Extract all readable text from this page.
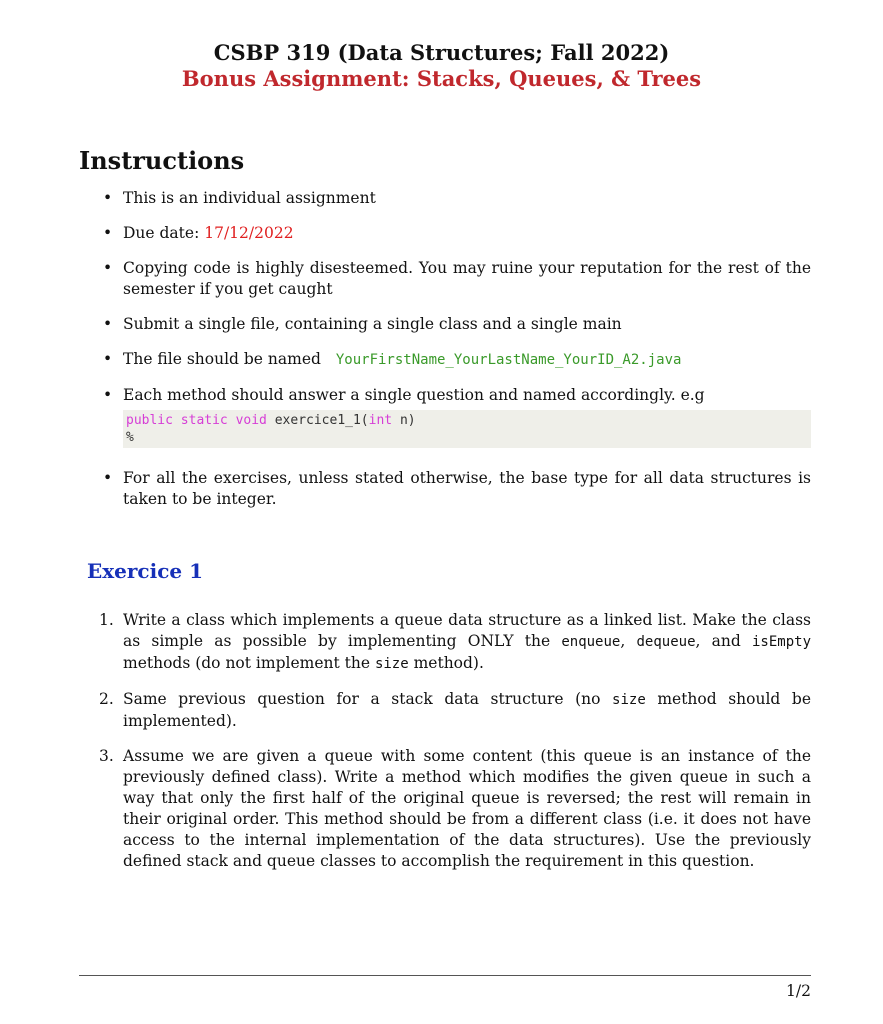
CSBP 319 (Data Structures; Fall 2022)
Bonus Assignment: Stacks, Queues, & Trees
Instructions
• This is an individual assignment
• Due date: 17/12/2022
• Copying code is highly disesteemed. You may ruine your reputation for the rest of the semester if you get caught
• Submit a single file, containing a single class and a single main
• The file should be named YourFirstName_YourLastName_YourID_A2.java
• Each method should answer a single question and named accordingly. e.g
public static void exercice1_1(int n)
%
• For all the exercises, unless stated otherwise, the base type for all data structures is taken to be integer.
Exercice 1
1. Write a class which implements a queue data structure as a linked list. Make the class as simple as possible by implementing ONLY the enqueue, dequeue, and isEmpty methods (do not implement the size method).
2. Same previous question for a stack data structure (no size method should be implemented).
3. Assume we are given a queue with some content (this queue is an instance of the previously defined class). Write a method which modifies the given queue in such a way that only the first half of the original queue is reversed; the rest will remain in their original order. This method should be from a different class (i.e. it does not have access to the internal implementation of the data structures). Use the previously defined stack and queue classes to accomplish the requirement in this question.
1/2
